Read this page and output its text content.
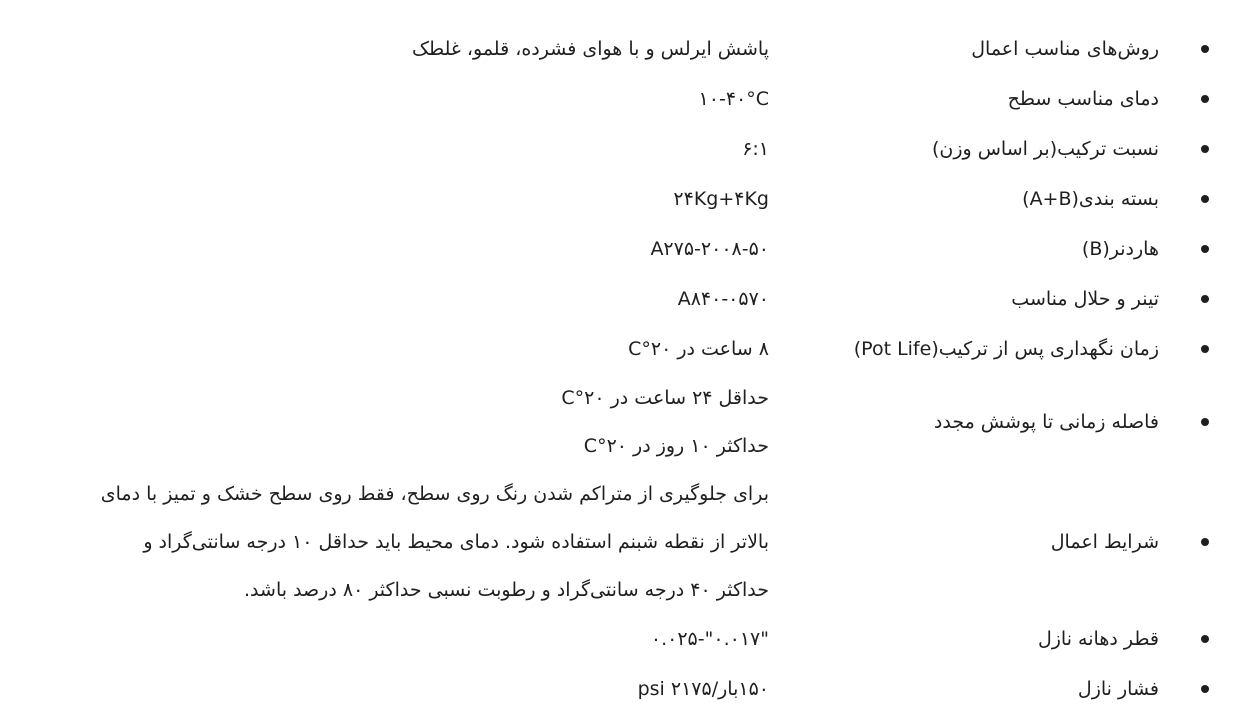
روش‌های مناسب اعمال	پاشش ایرلس و با هوای فشرده، قلمو، غلطک

دمای مناسب سطح	۱۰-۴۰°C

نسبت ترکیب(بر اساس وزن)	۶:۱

بسته بندی(A+B)	۲۴Kg+۴Kg

هاردنر(B)	A۲۷۵-۲۰۰۸-۵۰

تینر و حلال مناسب	A۸۴۰-۰۵۷۰

زمان نگهداری پس از ترکیب(Pot Life)	۸ ساعت در ۲۰°C

فاصله زمانی تا پوشش مجدد	حداقل ۲۴ ساعت در ۲۰°C
حداکثر ۱۰ روز در ۲۰°C

شرایط اعمال	برای جلوگیری از متراکم شدن رنگ روی سطح، فقط روی سطح خشک و تمیز با دمای
بالاتر از نقطه شبنم استفاده شود. دمای محیط باید حداقل ۱۰ درجه سانتی‌گراد و
حداکثر ۴۰ درجه سانتی‌گراد و رطوبت نسبی حداکثر ۸۰ درصد باشد.

قطر دهانه نازل	"۰.۰۱۷"-۰.۰۲۵

فشار نازل	۱۵۰بار/۲۱۷۵ psi
